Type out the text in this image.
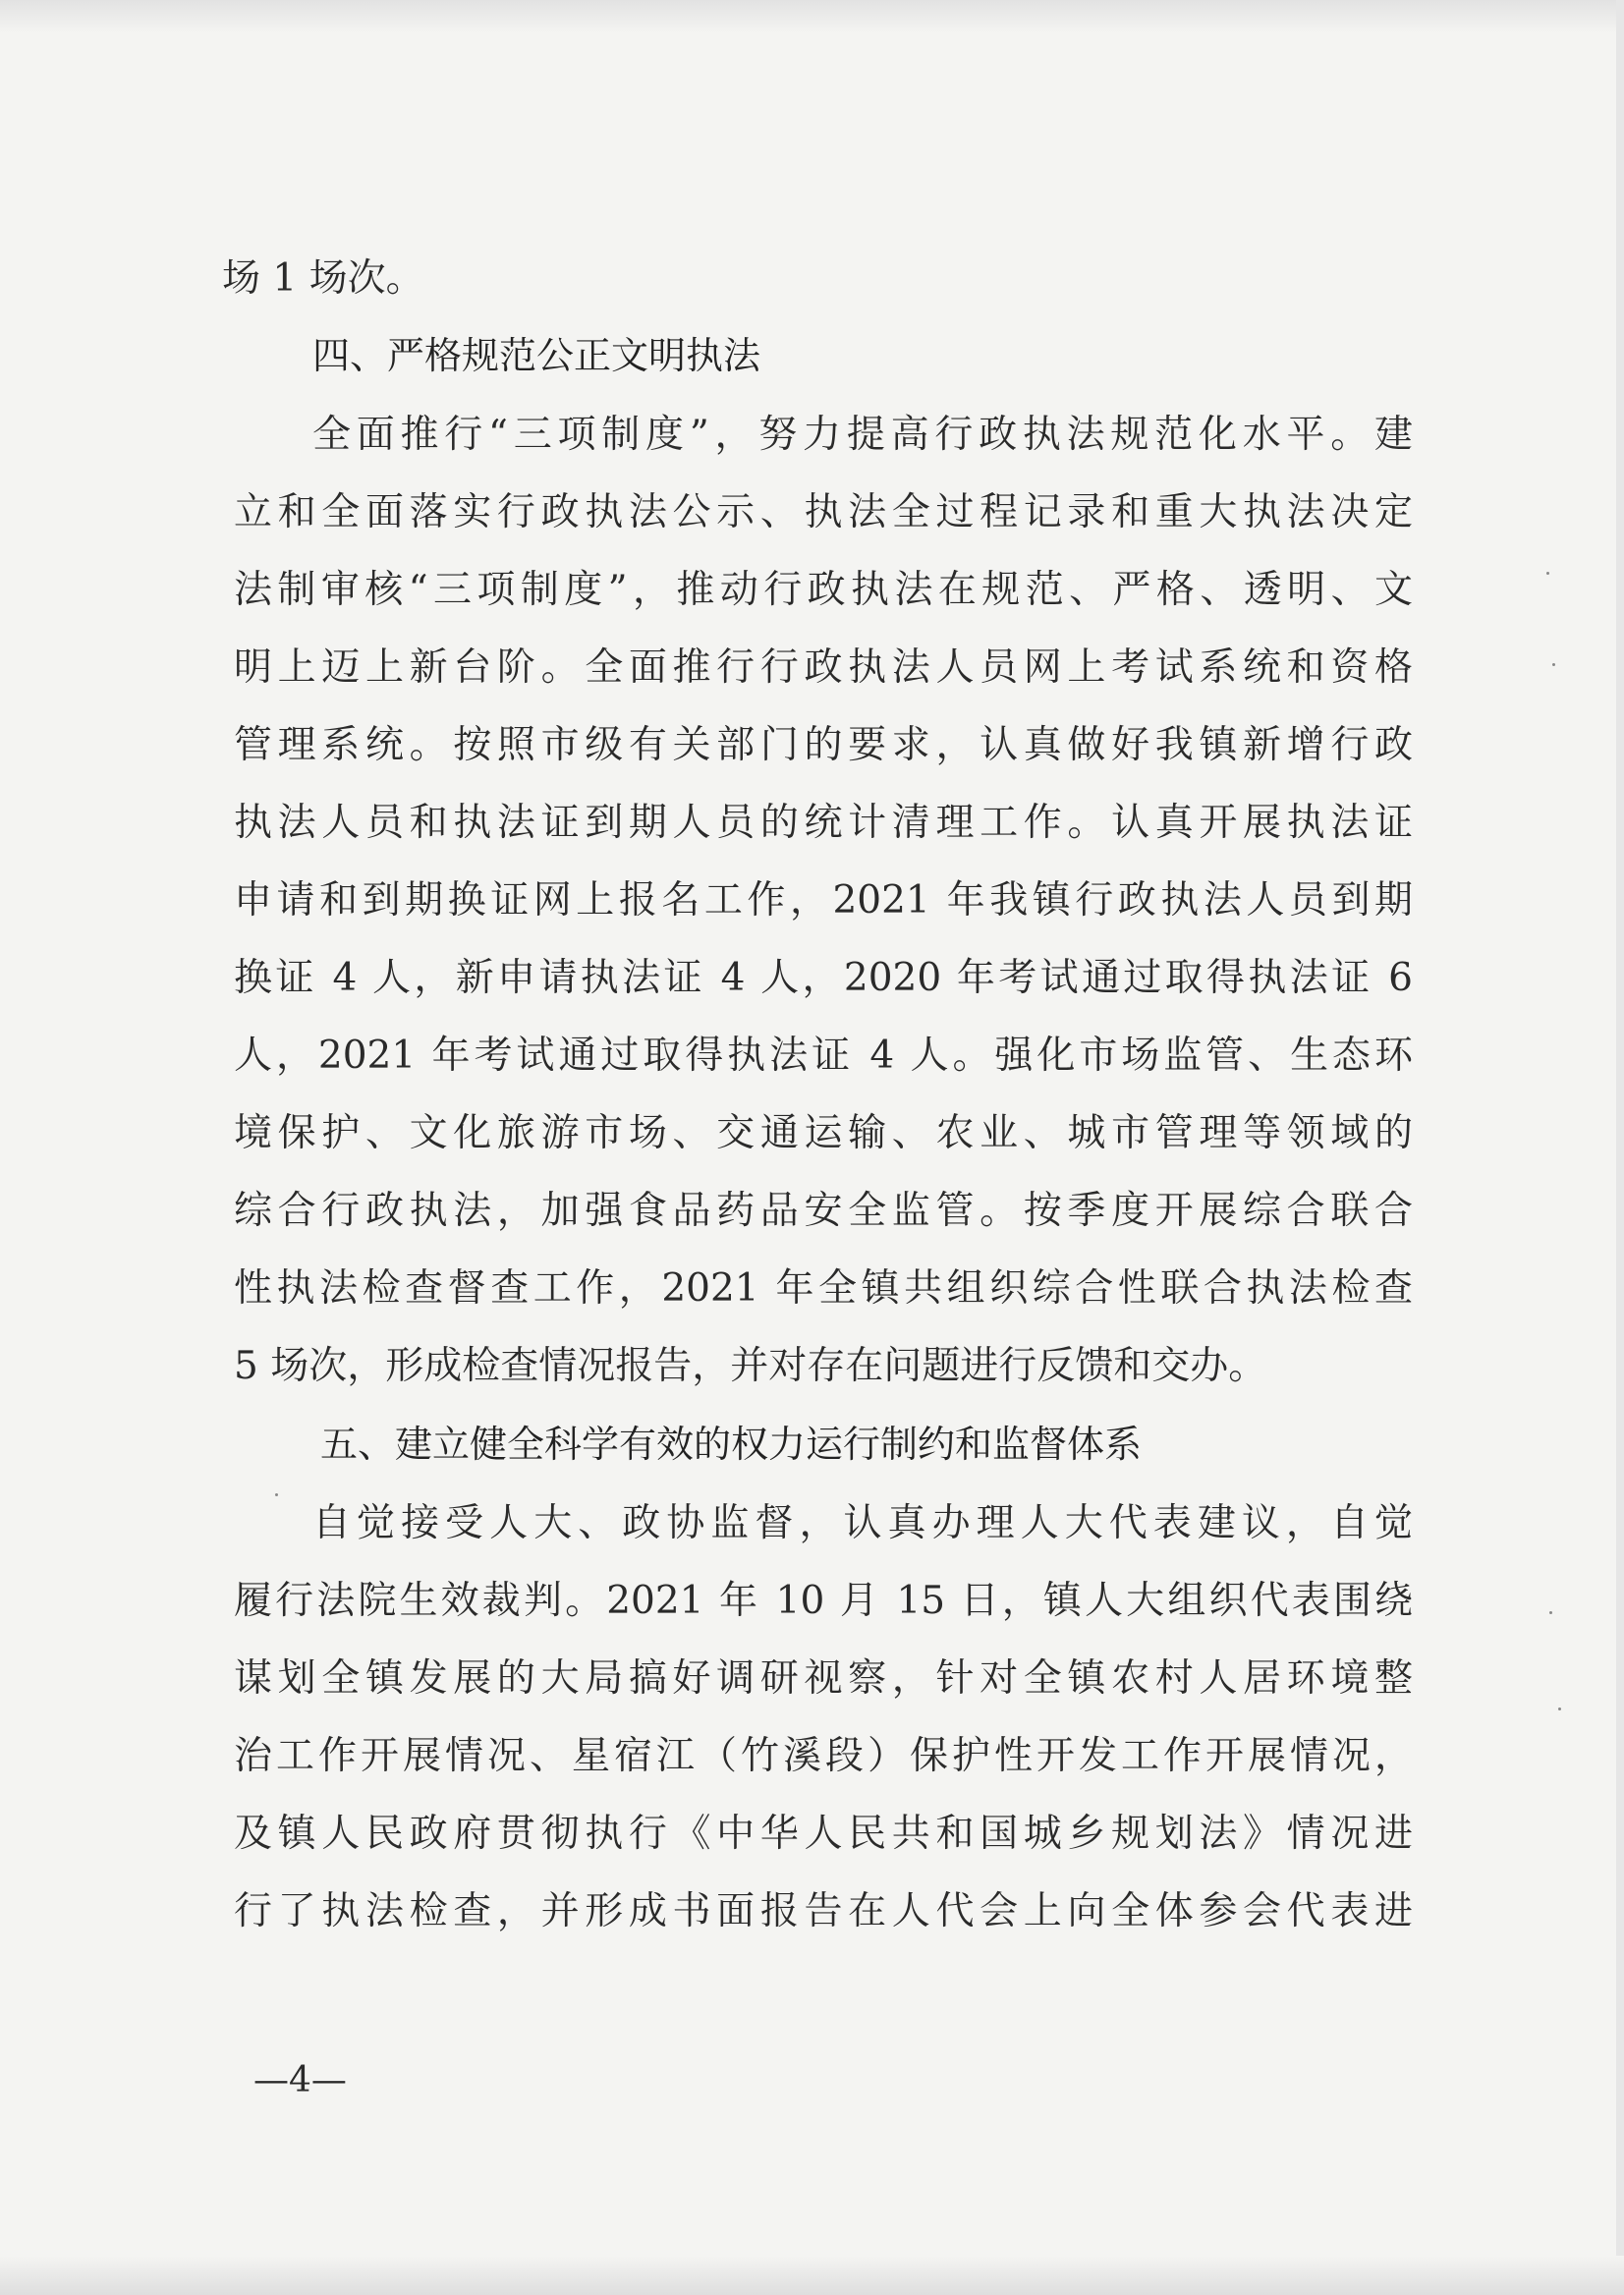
场 1 场次。
四、严格规范公正文明执法
全面推行“三项制度”，努力提高行政执法规范化水平。建
立和全面落实行政执法公示、执法全过程记录和重大执法决定
法制审核“三项制度”，推动行政执法在规范、严格、透明、文
明上迈上新台阶。全面推行行政执法人员网上考试系统和资格
管理系统。按照市级有关部门的要求，认真做好我镇新增行政
执法人员和执法证到期人员的统计清理工作。认真开展执法证
申请和到期换证网上报名工作，2021 年我镇行政执法人员到期
换证 4 人，新申请执法证 4 人，2020 年考试通过取得执法证 6
人，2021 年考试通过取得执法证 4 人。强化市场监管、生态环
境保护、文化旅游市场、交通运输、农业、城市管理等领域的
综合行政执法，加强食品药品安全监管。按季度开展综合联合
性执法检查督查工作，2021 年全镇共组织综合性联合执法检查
5 场次，形成检查情况报告，并对存在问题进行反馈和交办。
五、建立健全科学有效的权力运行制约和监督体系
自觉接受人大、政协监督，认真办理人大代表建议，自觉
履行法院生效裁判。2021 年 10 月 15 日，镇人大组织代表围绕
谋划全镇发展的大局搞好调研视察，针对全镇农村人居环境整
治工作开展情况、星宿江（竹溪段）保护性开发工作开展情况，
及镇人民政府贯彻执行《中华人民共和国城乡规划法》情况进
行了执法检查，并形成书面报告在人代会上向全体参会代表进
—4—
